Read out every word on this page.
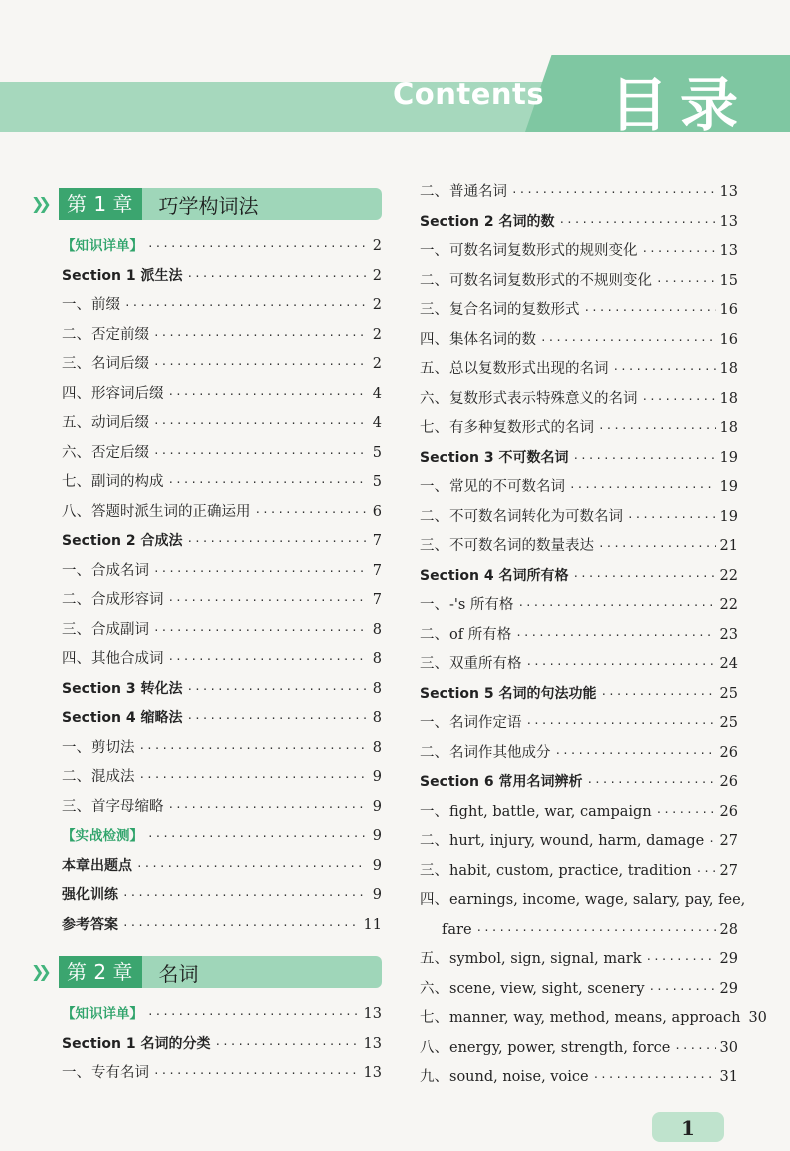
Contents 目录
❯❯	第 1 章	巧学构词法
【知识详单】 ·····	2
Section 1 派生法 ·····	2
一、前缀 ·····	2
二、否定前缀 ·····	2
三、名词后缀 ·····	2
四、形容词后缀 ·····	4
五、动词后缀 ·····	4
六、否定后缀 ·····	5
七、副词的构成 ·····	5
八、答题时派生词的正确运用 ·····	6
Section 2 合成法 ·····	7
一、合成名词 ·····	7
二、合成形容词 ·····	7
三、合成副词 ·····	8
四、其他合成词 ·····	8
Section 3 转化法 ·····	8
Section 4 缩略法 ·····	8
一、剪切法 ·····	8
二、混成法 ·····	9
三、首字母缩略 ·····	9
【实战检测】 ·····	9
本章出题点 ·····	9
强化训练 ·····	9
参考答案 ·····	11
❯❯	第 2 章	名词
【知识详单】 ·····	13
Section 1 名词的分类 ·····	13
一、专有名词 ·····	13
二、普通名词 ·····	13
Section 2 名词的数 ·····	13
一、可数名词复数形式的规则变化 ·····	13
二、可数名词复数形式的不规则变化 ·····	15
三、复合名词的复数形式 ·····	16
四、集体名词的数 ·····	16
五、总以复数形式出现的名词 ·····	18
六、复数形式表示特殊意义的名词 ·····	18
七、有多种复数形式的名词 ·····	18
Section 3 不可数名词 ·····	19
一、常见的不可数名词 ·····	19
二、不可数名词转化为可数名词 ·····	19
三、不可数名词的数量表达 ·····	21
Section 4 名词所有格 ·····	22
一、-'s 所有格 ·····	22
二、of 所有格 ·····	23
三、双重所有格 ·····	24
Section 5 名词的句法功能 ·····	25
一、名词作定语 ·····	25
二、名词作其他成分 ·····	26
Section 6 常用名词辨析 ·····	26
一、fight, battle, war, campaign ·····	26
二、hurt, injury, wound, harm, damage ····· 27
三、habit, custom, practice, tradition ····· 27
四、earnings, income, wage, salary, pay, fee,
fare ·····	28
五、symbol, sign, signal, mark ·····	29
六、scene, view, sight, scenery ·····	29
七、manner, way, method, means, approach 30
八、energy, power, strength, force ·····	30
九、sound, noise, voice ·····	31
1
